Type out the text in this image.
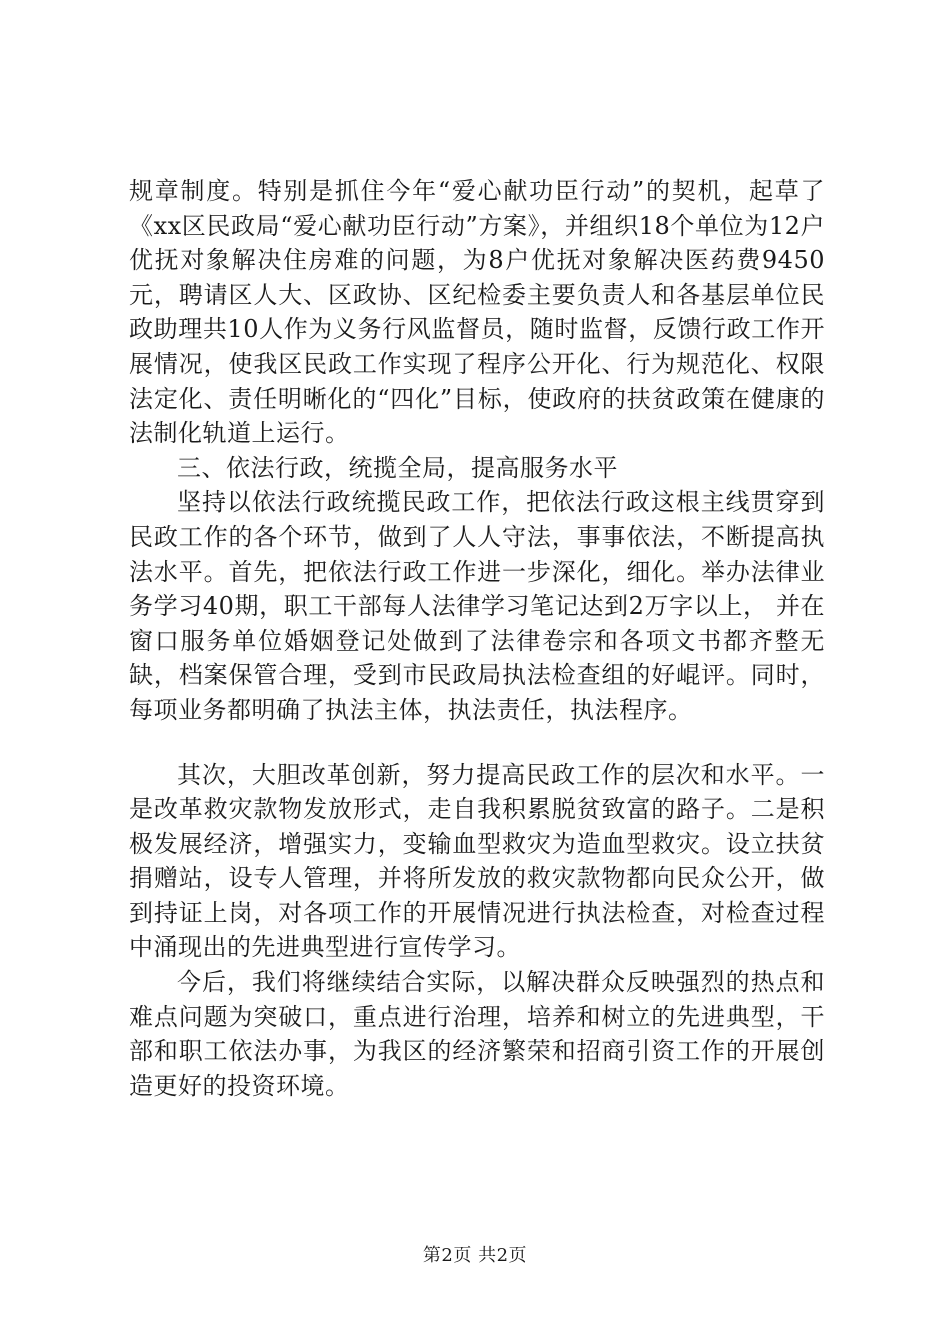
规章制度。特别是抓住今年“爱心献功臣行动”的契机，起草了《xx区民政局“爱心献功臣行动”方案》，并组织18个单位为12户优抚对象解决住房难的问题，为8户优抚对象解决医药费9450元，聘请区人大、区政协、区纪检委主要负责人和各基层单位民政助理共10人作为义务行风监督员，随时监督，反馈行政工作开展情况，使我区民政工作实现了程序公开化、行为规范化、权限法定化、责任明晰化的“四化”目标，使政府的扶贫政策在健康的法制化轨道上运行。

三、依法行政，统揽全局，提高服务水平

坚持以依法行政统揽民政工作，把依法行政这根主线贯穿到民政工作的各个环节，做到了人人守法，事事依法，不断提高执法水平。首先，把依法行政工作进一步深化，细化。举办法律业务学习40期，职工干部每人法律学习笔记达到2万字以上， 并在窗口服务单位婚姻登记处做到了法律卷宗和各项文书都齐整无缺，档案保管合理，受到市民政局执法检查组的好崐评。同时，每项业务都明确了执法主体，执法责任，执法程序。

其次，大胆改革创新，努力提高民政工作的层次和水平。一是改革救灾款物发放形式，走自我积累脱贫致富的路子。二是积极发展经济，增强实力，变输血型救灾为造血型救灾。设立扶贫捐赠站，设专人管理，并将所发放的救灾款物都向民众公开，做到持证上岗，对各项工作的开展情况进行执法检查，对检查过程中涌现出的先进典型进行宣传学习。

今后，我们将继续结合实际，以解决群众反映强烈的热点和难点问题为突破口，重点进行治理，培养和树立的先进典型，干部和职工依法办事，为我区的经济繁荣和招商引资工作的开展创造更好的投资环境。

第2页 共2页
